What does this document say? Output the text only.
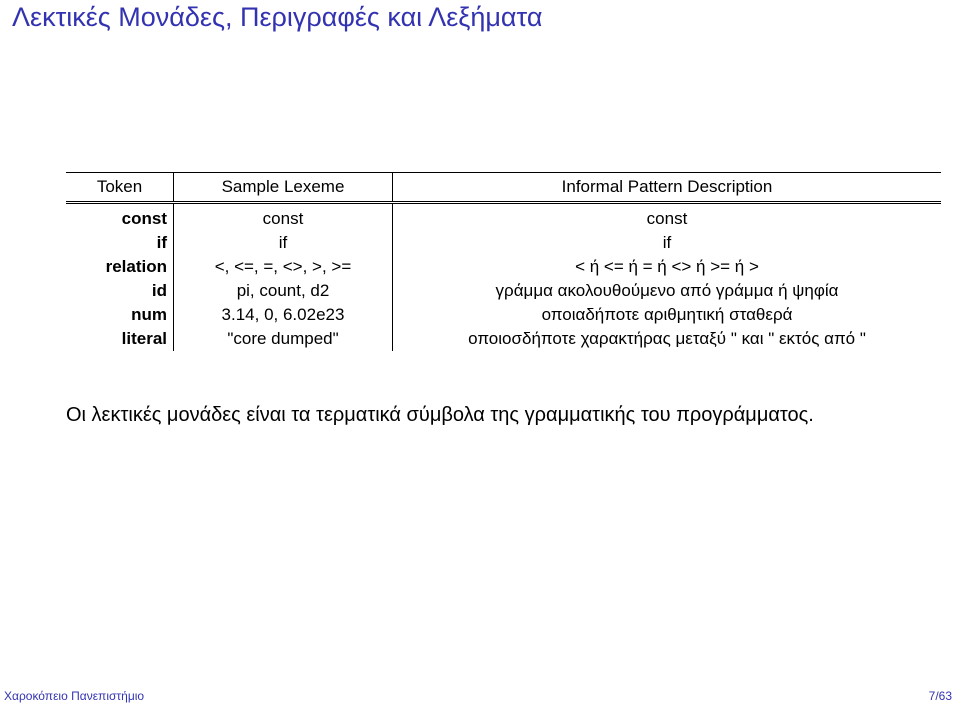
Λεκτικές Μονάδες, Περιγραφές και Λεξήματα
Token	Sample Lexeme	Informal Pattern Description
const	const	const
if	if	if
relation	<, <=, =, <>, >, >=	< ή <= ή = ή <> ή >= ή >
id	pi, count, d2	γράμμα ακολουθούμενο από γράμμα ή ψηφία
num	3.14, 0, 6.02e23	οποιαδήποτε αριθμητική σταθερά
literal	"core dumped"	οποιοσδήποτε χαρακτήρας μεταξύ " και " εκτός από "

Οι λεκτικές μονάδες είναι τα τερματικά σύμβολα της γραμματικής του προγράμματος.

Χαροκόπειο Πανεπιστήμιο	7/63
